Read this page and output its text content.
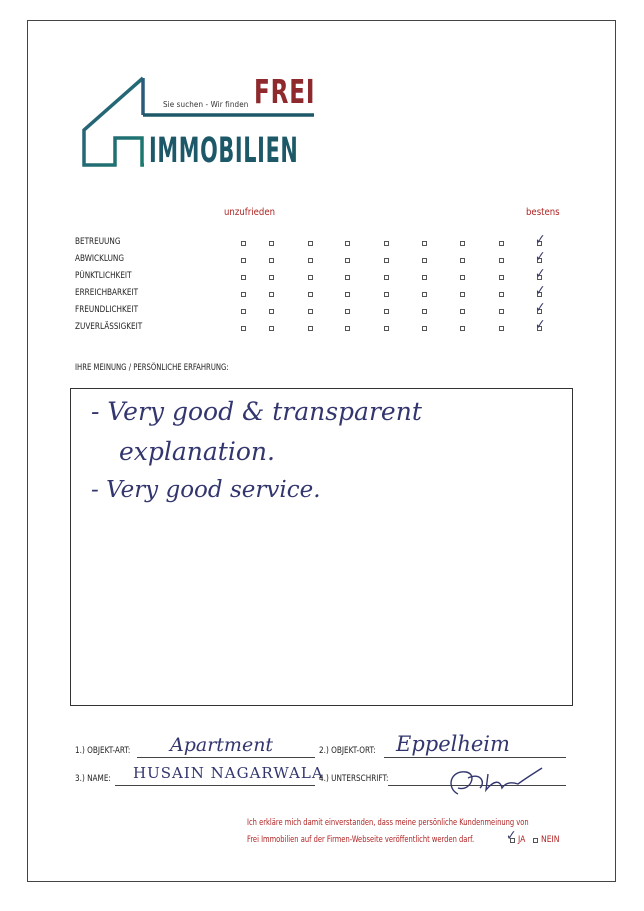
Sie suchen - Wir finden FREI
IMMOBILIEN
unzufrieden	bestens
BETREUUNG
ABWICKLUNG
PÜNKTLICHKEIT
ERREICHBARKEIT
FREUNDLICHKEIT
ZUVERLÄSSIGKEIT
✓
✓
✓
✓
✓
✓
IHRE MEINUNG / PERSÖNLICHE ERFAHRUNG:
- Very good & transparent
explanation.
- Very good service.
1.) OBJEKT-ART: Apartment	2.) OBJEKT-ORT: Eppelheim
3.) NAME: HUSAIN NAGARWALA
4.) UNTERSCHRIFT:
Ich erkläre mich damit einverstanden, dass meine persönliche Kundenmeinung von
Frei Immobilien auf der Firmen-Webseite veröffentlicht werden darf. ✓ JA NEIN
